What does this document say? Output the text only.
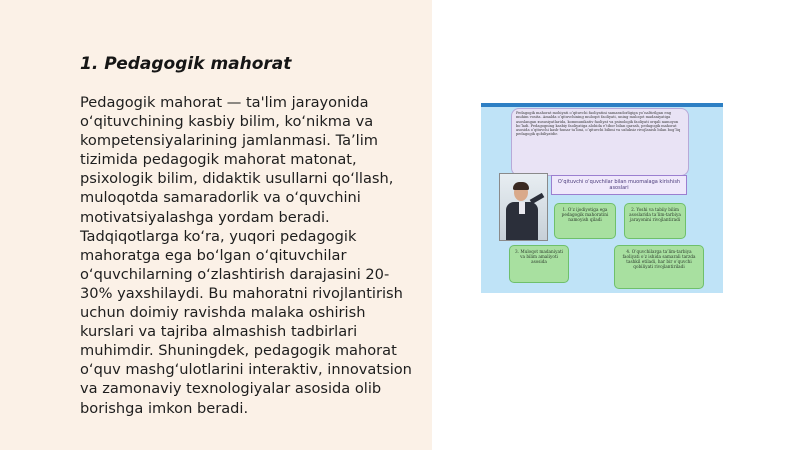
1. Pedagogik mahorat

Pedagogik mahorat — ta'lim jarayonida
o‘qituvchining kasbiy bilim, ko‘nikma va
kompetensiyalarining jamlanmasi. Ta’lim
tizimida pedagogik mahorat matonat,
psixologik bilim, didaktik usullarni qo‘llash,
muloqotda samaradorlik va o‘quvchini
motivatsiyalashga yordam beradi.
Tadqiqotlarga ko‘ra, yuqori pedagogik
mahoratga ega bo‘lgan o‘qituvchilar
o‘quvchilarning o‘zlashtirish darajasini 20-
30% yaxshilaydi. Bu mahoratni rivojlantirish
uchun doimiy ravishda malaka oshirish
kurslari va tajriba almashish tadbirlari
muhimdir. Shuningdek, pedagogik mahorat
o‘quv mashg‘ulotlarini interaktiv, innovatsion
va zamonaviy texnologiyalar asosida olib
borishga imkon beradi.

Pedagogik mahorat mohiyati o‘qituvchi faoliyatini samaradorligiga yo‘naltirilgan eng muhim vosita. Amalda o‘qituvchining muloqot faoliyati, uning muloqot madaniyatiga asoslangan xususiyatlarida, kommunikativ faoliyat va psixologik faoliyati orqali namoyon bo‘ladi. Pedagogning kasbiy faoliyatiga alohida e‘tibor bilan qarash, pedagogik mahorat asosida o‘qituvchi kasb-hunar ta‘limi, o‘qituvchi bilimi va uzluksiz rivojlanish bilan bog‘liq pedagogik qobiliyatdir.
O‘qituvchi o‘quvchilar bilan muomalaga kirishish asoslari
1. O‘z ijodiyotiga ega pedagogik mahoratini namoyish qiladi
2. Yoshi va tabiiy bilim asoslarida ta‘lim-tarbiya jarayonini rivojlantiradi
3. Muloqot madaniyati va bilim amaliyoti asosida
4. O‘quvchilarga ta‘lim-tarbiya faoliyati o‘z ishida samarali tarzda tashkil etiladi, har bir o‘quvchi qobiliyati rivojlantiriladi
